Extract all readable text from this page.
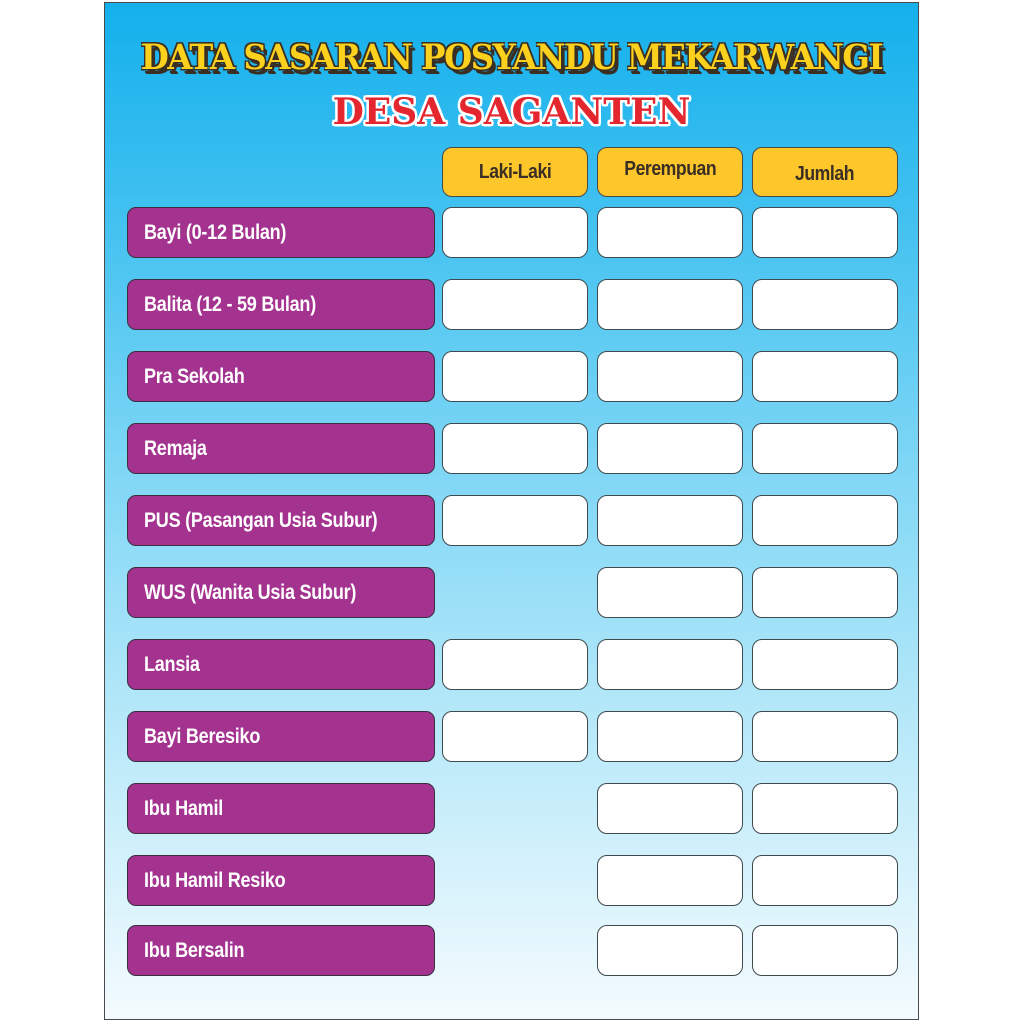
DATA SASARAN POSYANDU MEKARWANGI
DESA SAGANTEN
Laki-Laki	Perempuan	Jumlah
Bayi (0-12 Bulan)
Balita (12 - 59 Bulan)
Pra Sekolah
Remaja
PUS (Pasangan Usia Subur)
WUS (Wanita Usia Subur)
Lansia
Bayi Beresiko
Ibu Hamil
Ibu Hamil Resiko
Ibu Bersalin
